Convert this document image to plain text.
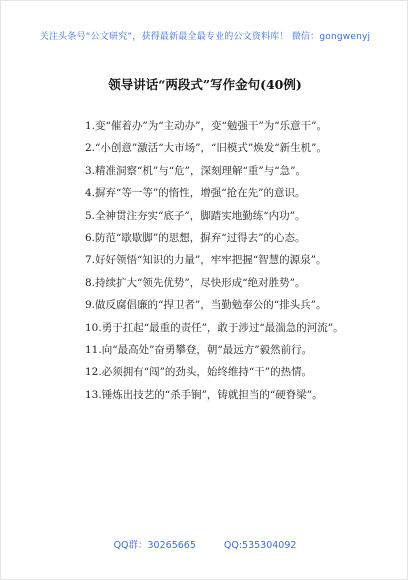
关注头条号“公文研究”，获得最新最全最专业的公文资料库！ 微信：gongwenyj
领导讲话“两段式”写作金句(40例)

1.变“催着办”为“主动办”，变“勉强干”为“乐意干”。

2.“小创意”激活“大市场”，“旧模式”焕发“新生机”。

3.精准洞察“机”与“危”，深刻理解“重”与“急”。

4.摒弃“等一等”的惰性，增强“抢在先”的意识。

5.全神贯注夯实“底子”，脚踏实地勤练“内功”。

6.防范“歇歇脚”的思想，摒弃“过得去”的心态。

7.好好领悟“知识的力量”，牢牢把握“智慧的源泉”。

8.持续扩大“领先优势”，尽快形成“绝对胜势”。

9.做反腐倡廉的“捍卫者”，当勤勉奉公的“排头兵”。

10.勇于扛起“最重的责任”，敢于涉过“最湍急的河流”。

11.向“最高处”奋勇攀登，朝“最远方”毅然前行。

12.必须拥有“闯”的劲头，始终维持“干”的热情。

13.锤炼出技艺的“杀手锏”，铸就担当的“硬脊梁”。

QQ群：30265665	QQ:535304092
